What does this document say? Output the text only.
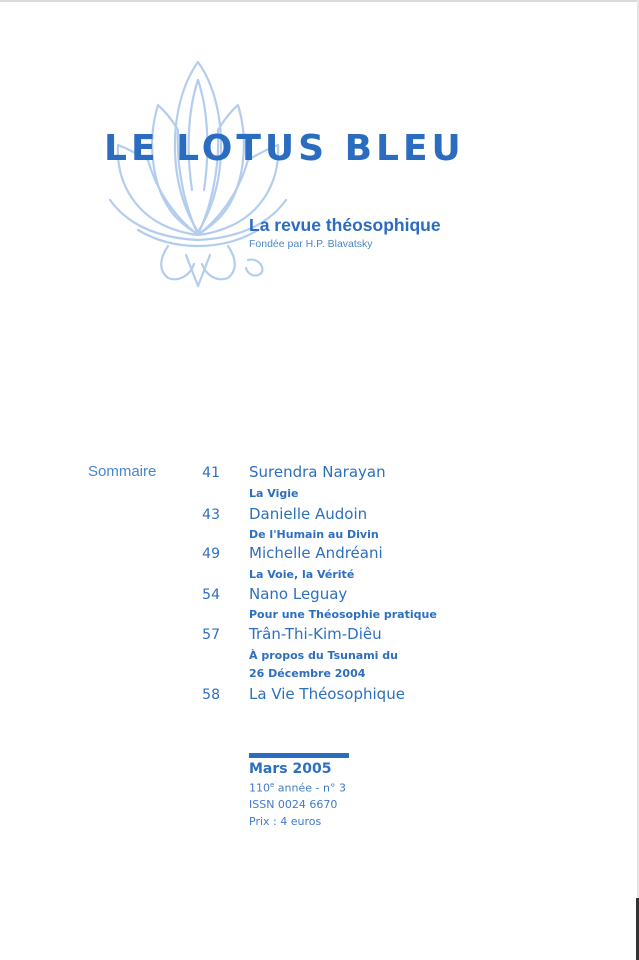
LE LOTUS BLEU
La revue théosophique
Fondée par H.P. Blavatsky
Sommaire	41 Surendra Narayan
La Vigie
43 Danielle Audoin
De l'Humain au Divin
49 Michelle Andréani
La Voie, la Vérité
54 Nano Leguay
Pour une Théosophie pratique
57 Trân-Thi-Kim-Diêu
À propos du Tsunami du
26 Décembre 2004
58 La Vie Théosophique
Mars 2005
110e année - n° 3
ISSN 0024 6670
Prix : 4 euros
